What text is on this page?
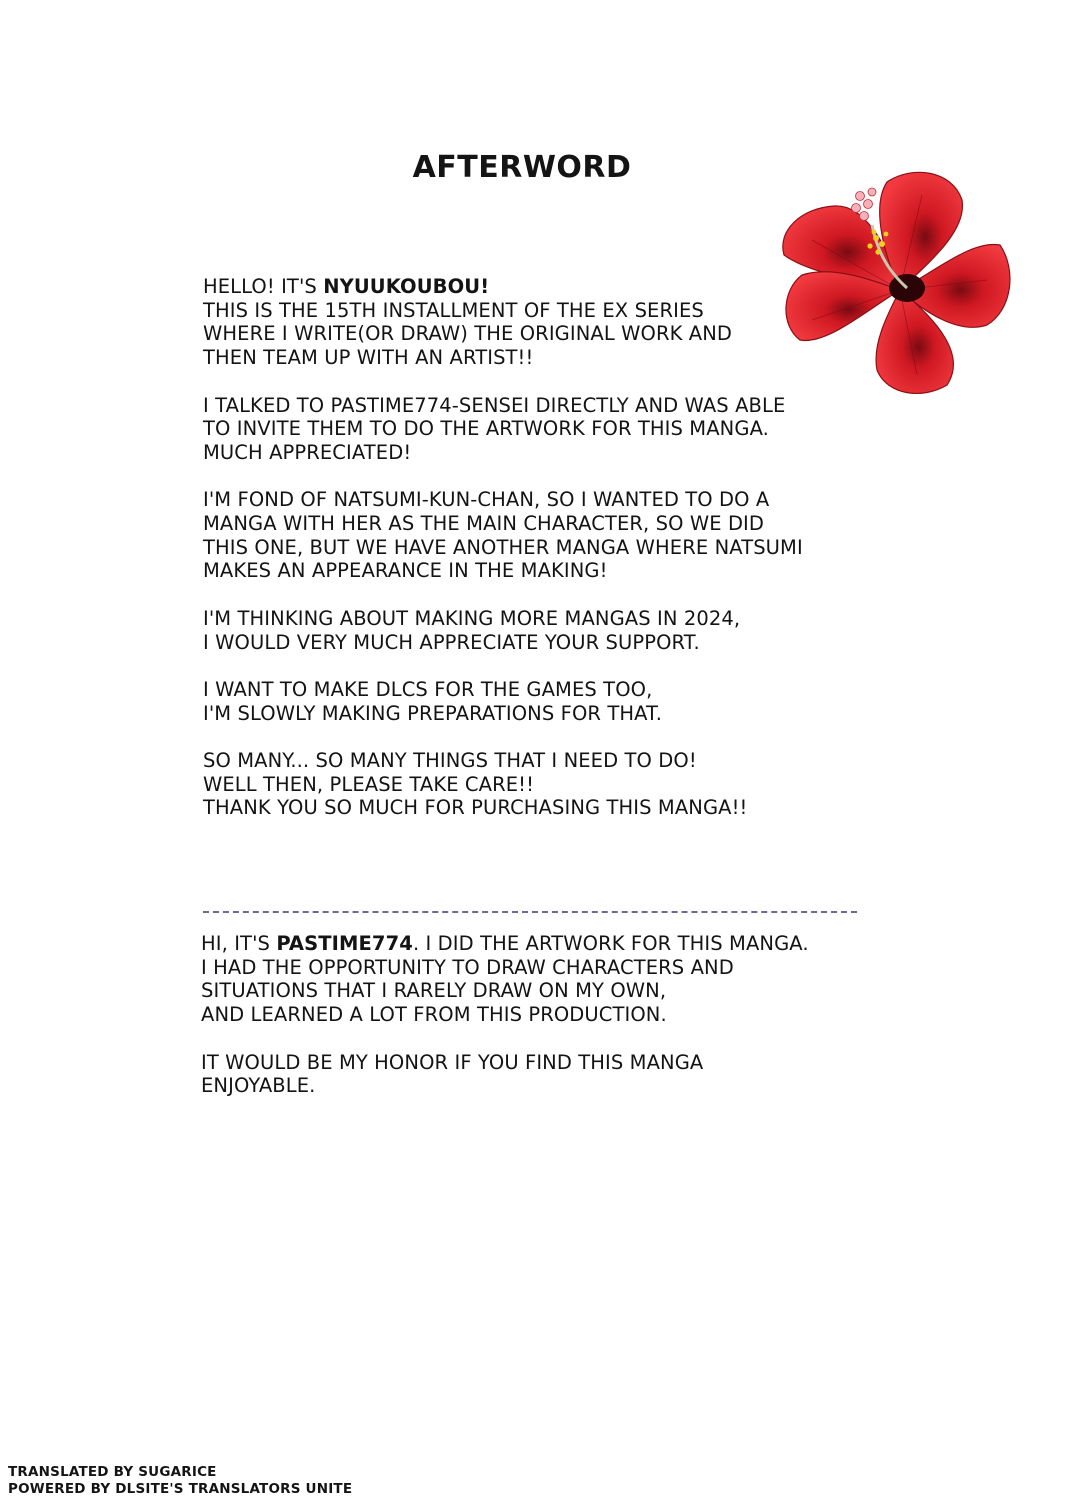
AFTERWORD
HELLO! IT'S NYUUKOUBOU!
THIS IS THE 15TH INSTALLMENT OF THE EX SERIES
WHERE I WRITE(OR DRAW) THE ORIGINAL WORK AND
THEN TEAM UP WITH AN ARTIST!!
I TALKED TO PASTIME774-SENSEI DIRECTLY AND WAS ABLE
TO INVITE THEM TO DO THE ARTWORK FOR THIS MANGA.
MUCH APPRECIATED!
I'M FOND OF NATSUMI-KUN-CHAN, SO I WANTED TO DO A
MANGA WITH HER AS THE MAIN CHARACTER, SO WE DID
THIS ONE, BUT WE HAVE ANOTHER MANGA WHERE NATSUMI
MAKES AN APPEARANCE IN THE MAKING!
I'M THINKING ABOUT MAKING MORE MANGAS IN 2024,
I WOULD VERY MUCH APPRECIATE YOUR SUPPORT.
I WANT TO MAKE DLCS FOR THE GAMES TOO,
I'M SLOWLY MAKING PREPARATIONS FOR THAT.
SO MANY... SO MANY THINGS THAT I NEED TO DO!
WELL THEN, PLEASE TAKE CARE!!
THANK YOU SO MUCH FOR PURCHASING THIS MANGA!!
HI, IT'S PASTIME774. I DID THE ARTWORK FOR THIS MANGA.
I HAD THE OPPORTUNITY TO DRAW CHARACTERS AND
SITUATIONS THAT I RARELY DRAW ON MY OWN,
AND LEARNED A LOT FROM THIS PRODUCTION.
IT WOULD BE MY HONOR IF YOU FIND THIS MANGA
ENJOYABLE.
TRANSLATED BY SUGARICE
POWERED BY DLSITE'S TRANSLATORS UNITE
